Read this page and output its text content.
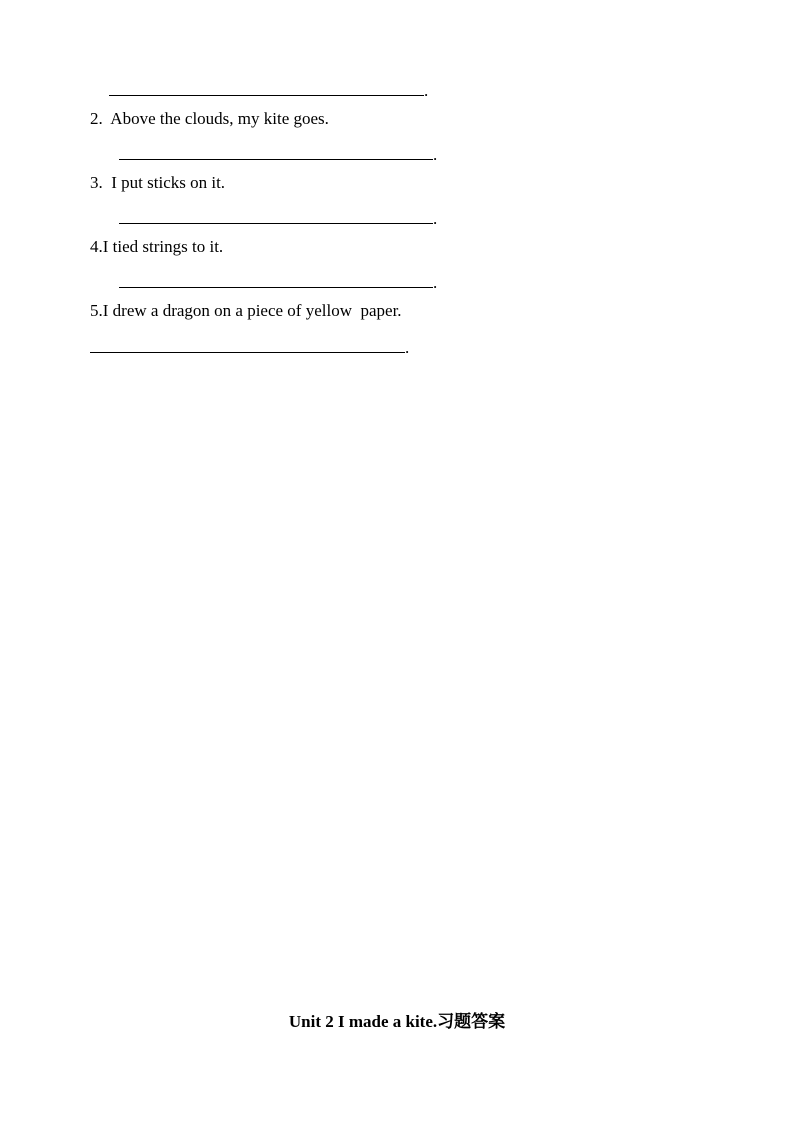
.
2.  Above the clouds, my kite goes.
.
3.  I put sticks on it.
.
4.I tied strings to it.
.
5.I drew a dragon on a piece of yellow  paper.
.
Unit 2 I made a kite.习题答案
